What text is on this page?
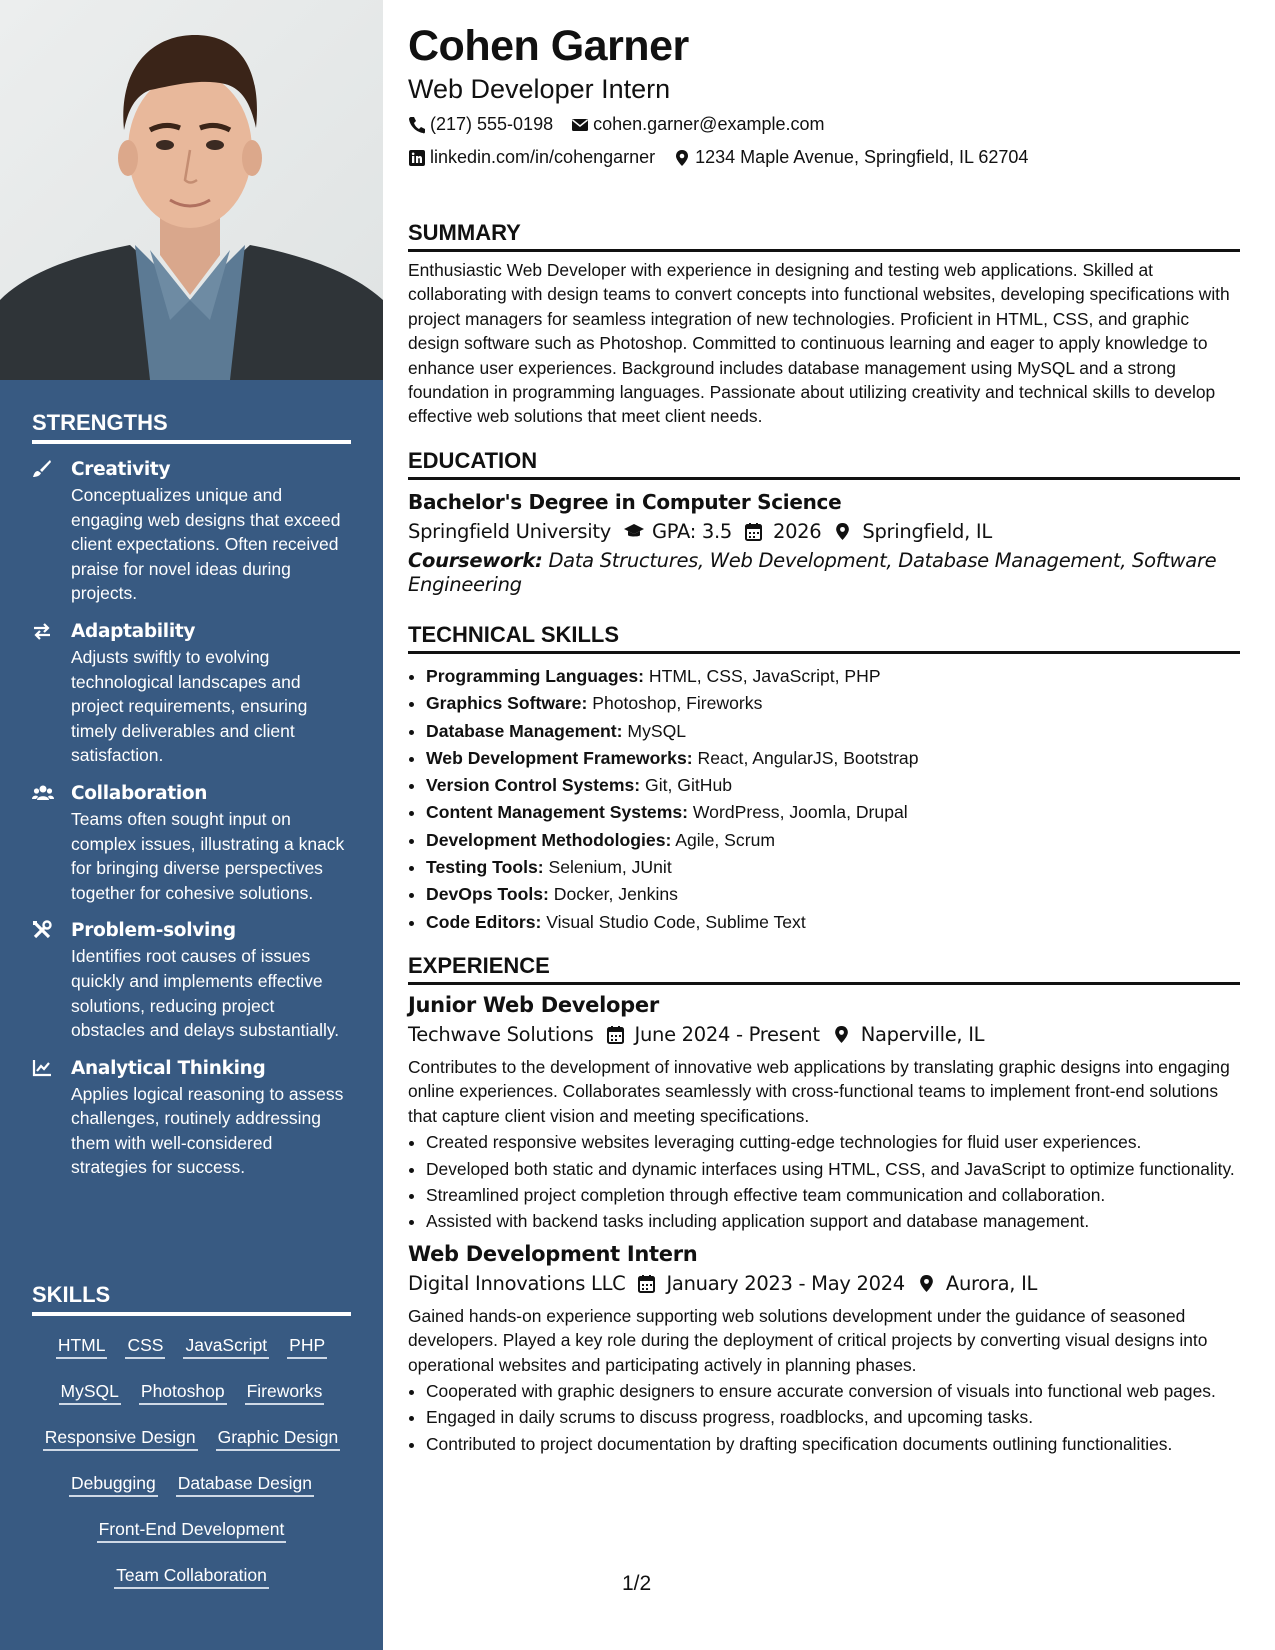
STRENGTHS
Creativity
Conceptualizes unique and engaging web designs that exceed client expectations. Often received praise for novel ideas during projects.
Adaptability
Adjusts swiftly to evolving technological landscapes and project requirements, ensuring timely deliverables and client satisfaction.
Collaboration
Teams often sought input on complex issues, illustrating a knack for bringing diverse perspectives together for cohesive solutions.
Problem-solving
Identifies root causes of issues quickly and implements effective solutions, reducing project obstacles and delays substantially.
Analytical Thinking
Applies logical reasoning to assess challenges, routinely addressing them with well-considered strategies for success.
SKILLS
HTML CSS JavaScript PHP
MySQL Photoshop Fireworks
Responsive Design Graphic Design
Debugging Database Design
Front-End Development
Team Collaboration
Cohen Garner
Web Developer Intern
(217) 555-0198 cohen.garner@example.com
linkedin.com/in/cohengarner 1234 Maple Avenue, Springfield, IL 62704
SUMMARY

Enthusiastic Web Developer with experience in designing and testing web applications. Skilled at collaborating with design teams to convert concepts into functional websites, developing specifications with project managers for seamless integration of new technologies. Proficient in HTML, CSS, and graphic design software such as Photoshop. Committed to continuous learning and eager to apply knowledge to enhance user experiences. Background includes database management using MySQL and a strong foundation in programming languages. Passionate about utilizing creativity and technical skills to develop effective web solutions that meet client needs.

EDUCATION
Bachelor's Degree in Computer Science
Springfield University GPA: 3.5 2026 Springfield, IL
Coursework: Data Structures, Web Development, Database Management, Software Engineering
TECHNICAL SKILLS
• Programming Languages: HTML, CSS, JavaScript, PHP
• Graphics Software: Photoshop, Fireworks
• Database Management: MySQL
• Web Development Frameworks: React, AngularJS, Bootstrap
• Version Control Systems: Git, GitHub
• Content Management Systems: WordPress, Joomla, Drupal
• Development Methodologies: Agile, Scrum
• Testing Tools: Selenium, JUnit
• DevOps Tools: Docker, Jenkins
• Code Editors: Visual Studio Code, Sublime Text
EXPERIENCE
Junior Web Developer
Techwave Solutions June 2024 - Present Naperville, IL

Contributes to the development of innovative web applications by translating graphic designs into engaging online experiences. Collaborates seamlessly with cross-functional teams to implement front-end solutions that capture client vision and meeting specifications.

• Created responsive websites leveraging cutting-edge technologies for fluid user experiences.
• Developed both static and dynamic interfaces using HTML, CSS, and JavaScript to optimize functionality.
• Streamlined project completion through effective team communication and collaboration.
• Assisted with backend tasks including application support and database management.
Web Development Intern
Digital Innovations LLC January 2023 - May 2024 Aurora, IL

Gained hands-on experience supporting web solutions development under the guidance of seasoned developers. Played a key role during the deployment of critical projects by converting visual designs into operational websites and participating actively in planning phases.

• Cooperated with graphic designers to ensure accurate conversion of visuals into functional web pages.
• Engaged in daily scrums to discuss progress, roadblocks, and upcoming tasks.
• Contributed to project documentation by drafting specification documents outlining functionalities.
1/2
